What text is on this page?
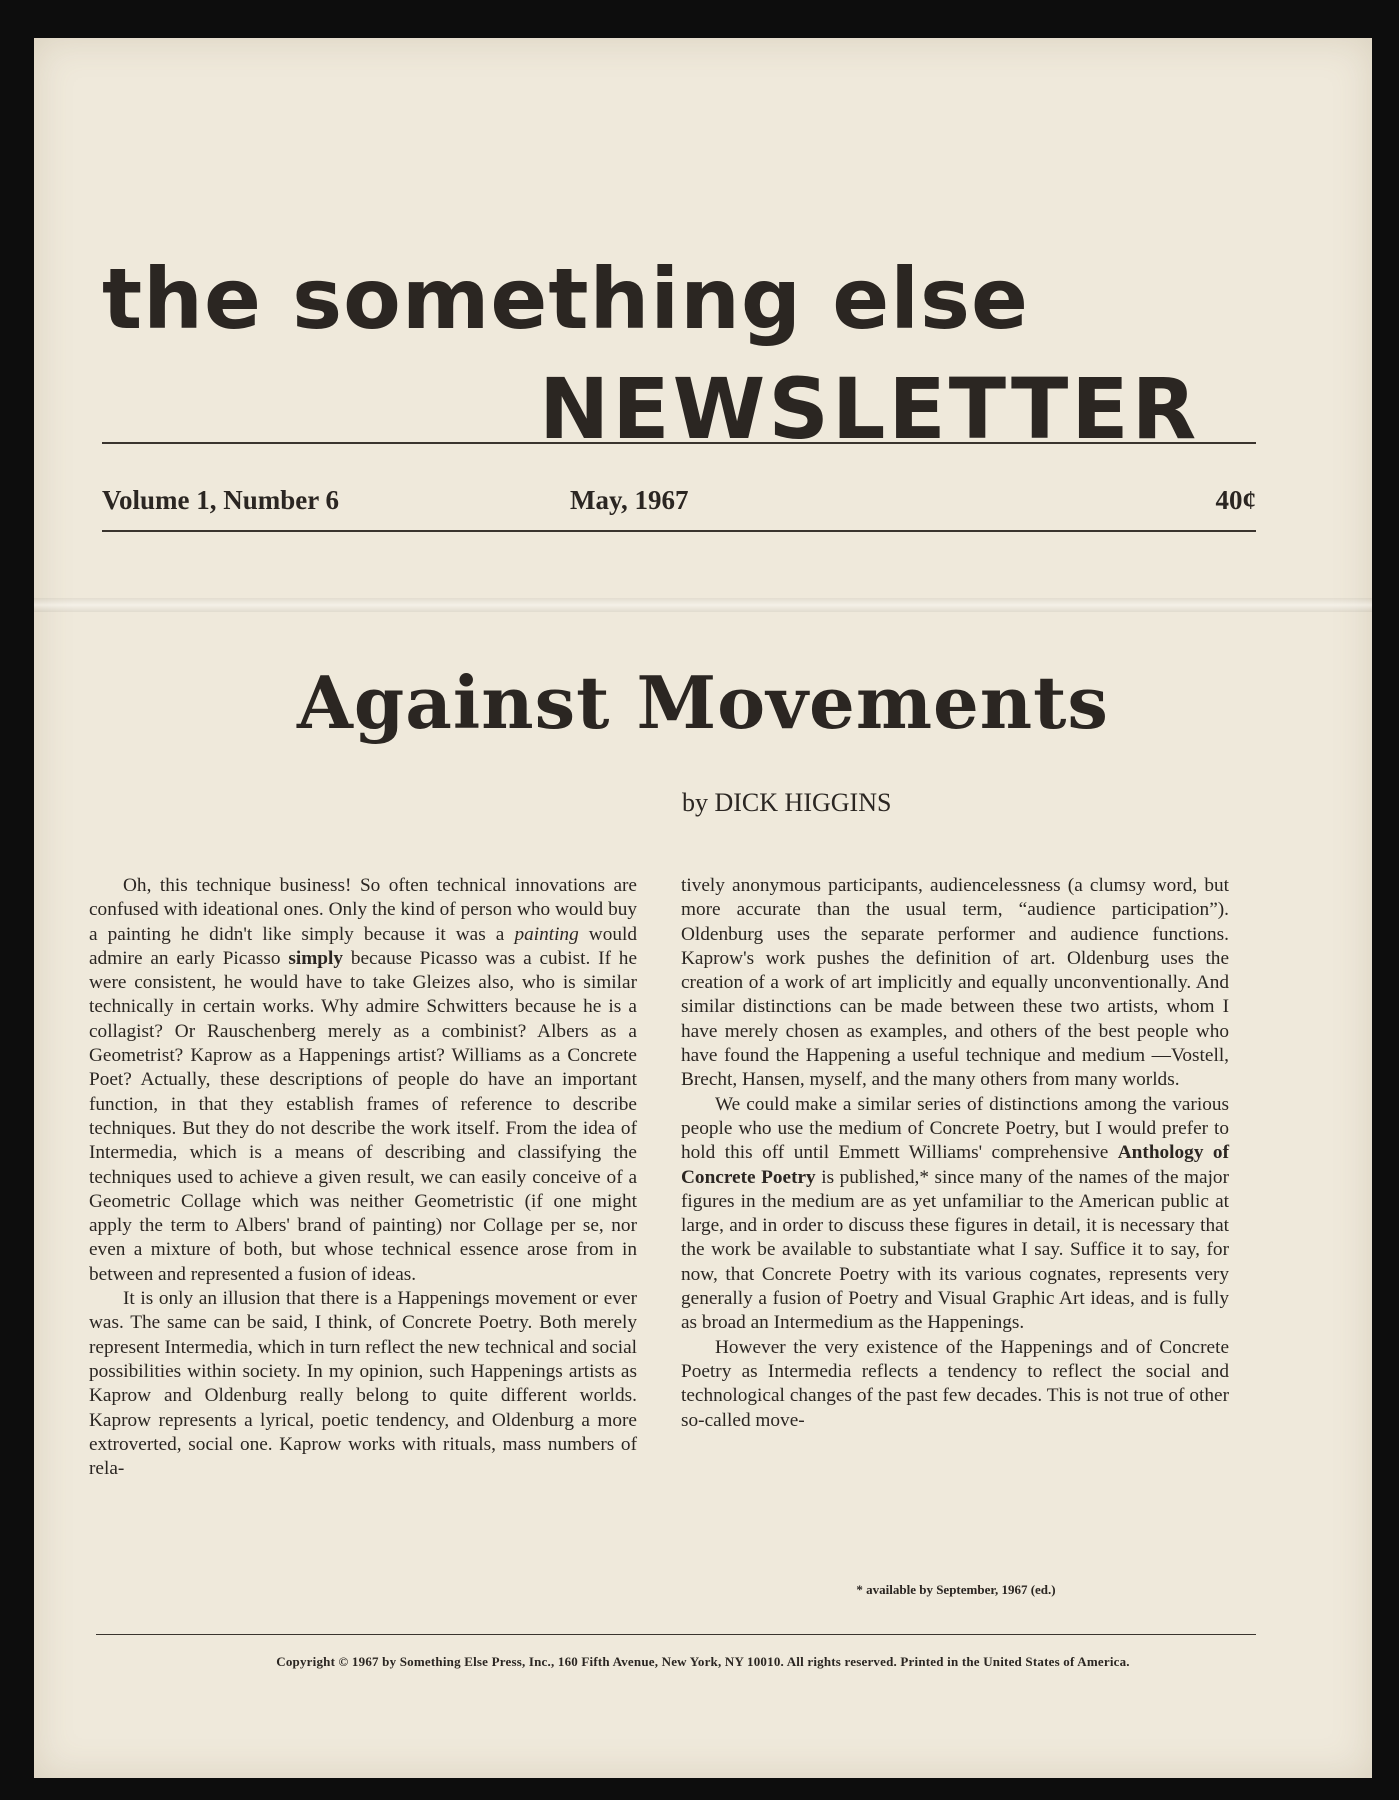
the something else
NEWSLETTER
Volume 1, Number 6	May, 1967	40¢
Against Movements
by DICK HIGGINS

Oh, this technique business! So often technical innovations are confused with ideational ones. Only the kind of person who would buy a painting he didn't like simply because it was a painting would admire an early Picasso simply because Picasso was a cubist. If he were consistent, he would have to take Gleizes also, who is similar technically in certain works. Why admire Schwitters because he is a collagist? Or Rauschenberg merely as a combinist? Albers as a Geometrist? Kaprow as a Happenings artist? Williams as a Concrete Poet? Actually, these descriptions of people do have an important function, in that they establish frames of reference to describe techniques. But they do not describe the work itself. From the idea of Intermedia, which is a means of describing and classifying the techniques used to achieve a given result, we can easily conceive of a Geometric Collage which was neither Geometristic (if one might apply the term to Albers' brand of painting) nor Collage per se, nor even a mixture of both, but whose technical essence arose from in between and represented a fusion of ideas.

It is only an illusion that there is a Happenings movement or ever was. The same can be said, I think, of Concrete Poetry. Both merely represent Intermedia, which in turn reflect the new technical and social possibilities within society. In my opinion, such Happenings artists as Kaprow and Oldenburg really belong to quite different worlds. Kaprow represents a lyrical, poetic tendency, and Oldenburg a more extroverted, social one. Kaprow works with rituals, mass numbers of rela-

tively anonymous participants, audiencelessness (a clumsy word, but more accurate than the usual term, “audience participation”). Oldenburg uses the separate performer and audience functions. Kaprow's work pushes the definition of art. Oldenburg uses the creation of a work of art implicitly and equally unconventionally. And similar distinctions can be made between these two artists, whom I have merely chosen as examples, and others of the best people who have found the Happening a useful technique and medium —Vostell, Brecht, Hansen, myself, and the many others from many worlds.

We could make a similar series of distinctions among the various people who use the medium of Concrete Poetry, but I would prefer to hold this off until Emmett Williams' comprehensive Anthology of Concrete Poetry is published,* since many of the names of the major figures in the medium are as yet unfamiliar to the American public at large, and in order to discuss these figures in detail, it is necessary that the work be available to substantiate what I say. Suffice it to say, for now, that Concrete Poetry with its various cognates, represents very generally a fusion of Poetry and Visual Graphic Art ideas, and is fully as broad an Intermedium as the Happenings.

However the very existence of the Happenings and of Concrete Poetry as Intermedia reflects a tendency to reflect the social and technological changes of the past few decades. This is not true of other so-called move-

* available by September, 1967 (ed.)
Copyright © 1967 by Something Else Press, Inc., 160 Fifth Avenue, New York, NY 10010. All rights reserved. Printed in the United States of America.
